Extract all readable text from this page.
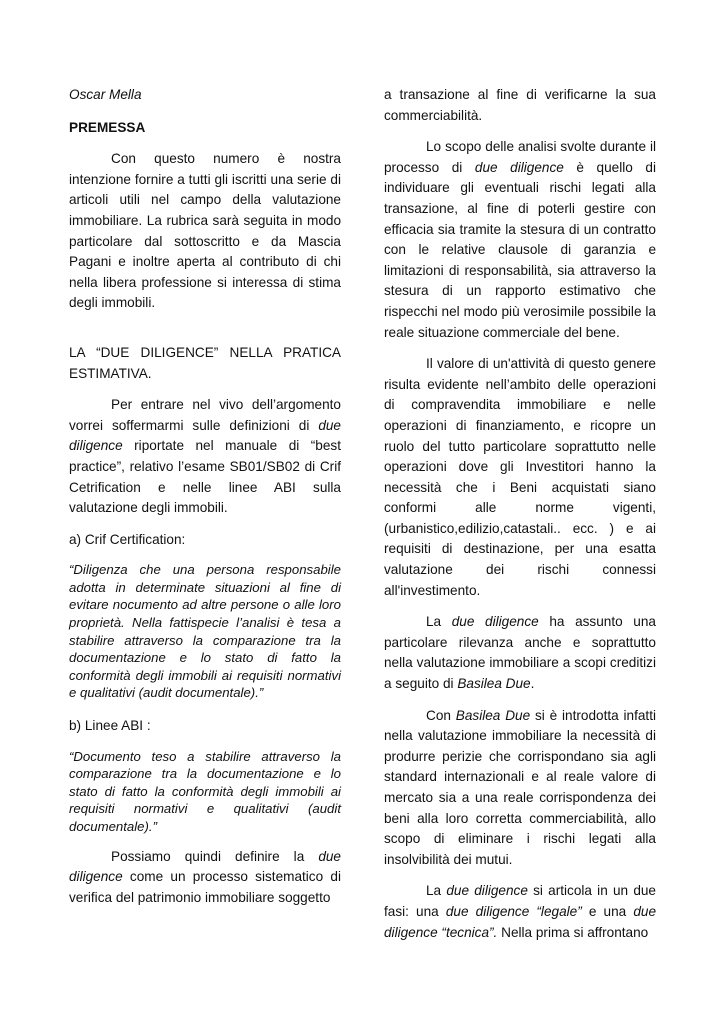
Oscar Mella

PREMESSA

Con questo numero è nostra intenzione fornire a tutti gli iscritti una serie di articoli utili nel campo della valutazione immobiliare. La rubrica sarà seguita in modo particolare dal sottoscritto e da Mascia Pagani e inoltre aperta al contributo di chi nella libera professione si interessa di stima degli immobili.

LA “DUE DILIGENCE” NELLA PRATICA ESTIMATIVA.

Per entrare nel vivo dell’argomento vorrei soffermarmi sulle definizioni di due diligence riportate nel manuale di “best practice”, relativo l’esame SB01/SB02 di Crif Cetrification e nelle linee ABI sulla valutazione degli immobili.

a) Crif Certification:

“Diligenza che una persona responsabile adotta in determinate situazioni al fine di evitare nocumento ad altre persone o alle loro proprietà. Nella fattispecie l’analisi è tesa a stabilire attraverso la comparazione tra la documentazione e lo stato di fatto la conformità degli immobili ai requisiti normativi e qualitativi (audit documentale).”

b) Linee ABI :

“Documento teso a stabilire attraverso la comparazione tra la documentazione e lo stato di fatto la conformità degli immobili ai requisiti normativi e qualitativi (audit documentale).”

Possiamo quindi definire la due diligence come un processo sistematico di verifica del patrimonio immobiliare soggetto

a transazione al fine di verificarne la sua commerciabilità.

Lo scopo delle analisi svolte durante il processo di due diligence è quello di individuare gli eventuali rischi legati alla transazione, al fine di poterli gestire con efficacia sia tramite la stesura di un contratto con le relative clausole di garanzia e limitazioni di responsabilità, sia attraverso la stesura di un rapporto estimativo che rispecchi nel modo più verosimile possibile la reale situazione commerciale del bene.

Il valore di un'attività di questo genere risulta evidente nell’ambito delle operazioni di compravendita immobiliare e nelle operazioni di finanziamento, e ricopre un ruolo del tutto particolare soprattutto nelle operazioni dove gli Investitori hanno la necessità che i Beni acquistati siano conformi alle norme vigenti, (urbanistico,edilizio,catastali.. ecc. ) e ai requisiti di destinazione, per una esatta valutazione dei rischi connessi all'investimento.

La due diligence ha assunto una particolare rilevanza anche e soprattutto nella valutazione immobiliare a scopi creditizi a seguito di Basilea Due.

Con Basilea Due si è introdotta infatti nella valutazione immobiliare la necessità di produrre perizie che corrispondano sia agli standard internazionali e al reale valore di mercato sia a una reale corrispondenza dei beni alla loro corretta commerciabilità, allo scopo di eliminare i rischi legati alla insolvibilità dei mutui.

La due diligence si articola in un due fasi: una due diligence “legale” e una due diligence “tecnica”. Nella prima si affrontano
